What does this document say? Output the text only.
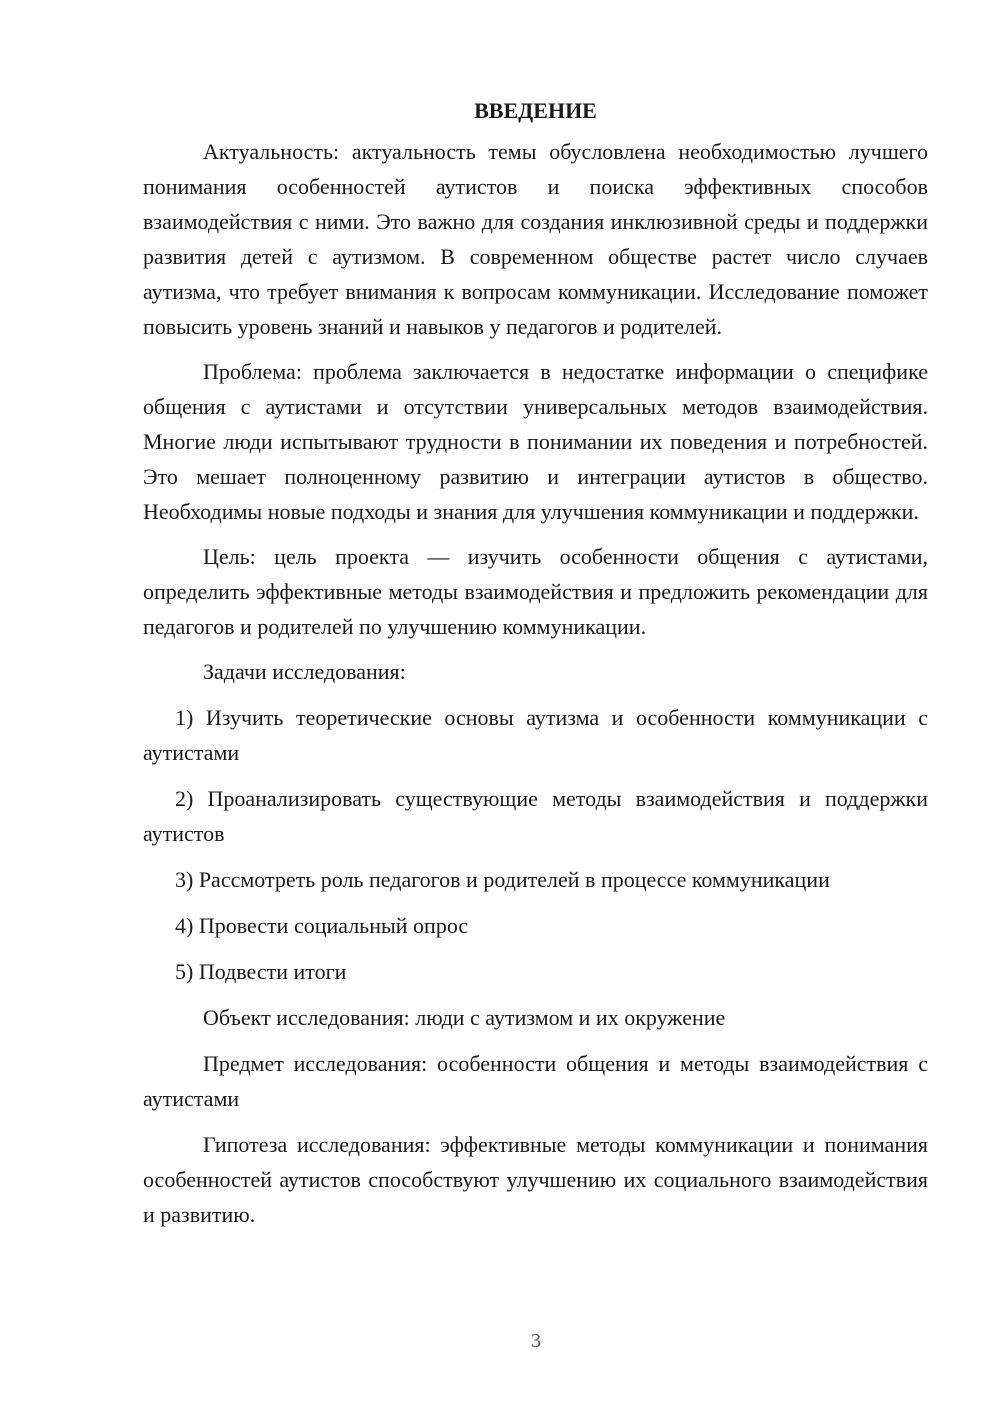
ВВЕДЕНИЕ

Актуальность: актуальность темы обусловлена необходимостью лучшего понимания особенностей аутистов и поиска эффективных способов взаимодействия с ними. Это важно для создания инклюзивной среды и поддержки развития детей с аутизмом. В современном обществе растет число случаев аутизма, что требует внимания к вопросам коммуникации. Исследование поможет повысить уровень знаний и навыков у педагогов и родителей.

Проблема: проблема заключается в недостатке информации о специфике общения с аутистами и отсутствии универсальных методов взаимодействия. Многие люди испытывают трудности в понимании их поведения и потребностей. Это мешает полноценному развитию и интеграции аутистов в общество. Необходимы новые подходы и знания для улучшения коммуникации и поддержки.

Цель: цель проекта — изучить особенности общения с аутистами, определить эффективные методы взаимодействия и предложить рекомендации для педагогов и родителей по улучшению коммуникации.

Задачи исследования:

1) Изучить теоретические основы аутизма и особенности коммуникации с аутистами

2) Проанализировать существующие методы взаимодействия и поддержки аутистов

3) Рассмотреть роль педагогов и родителей в процессе коммуникации

4) Провести социальный опрос

5) Подвести итоги

Объект исследования: люди с аутизмом и их окружение

Предмет исследования: особенности общения и методы взаимодействия с аутистами

Гипотеза исследования: эффективные методы коммуникации и понимания особенностей аутистов способствуют улучшению их социального взаимодействия и развитию.

3
